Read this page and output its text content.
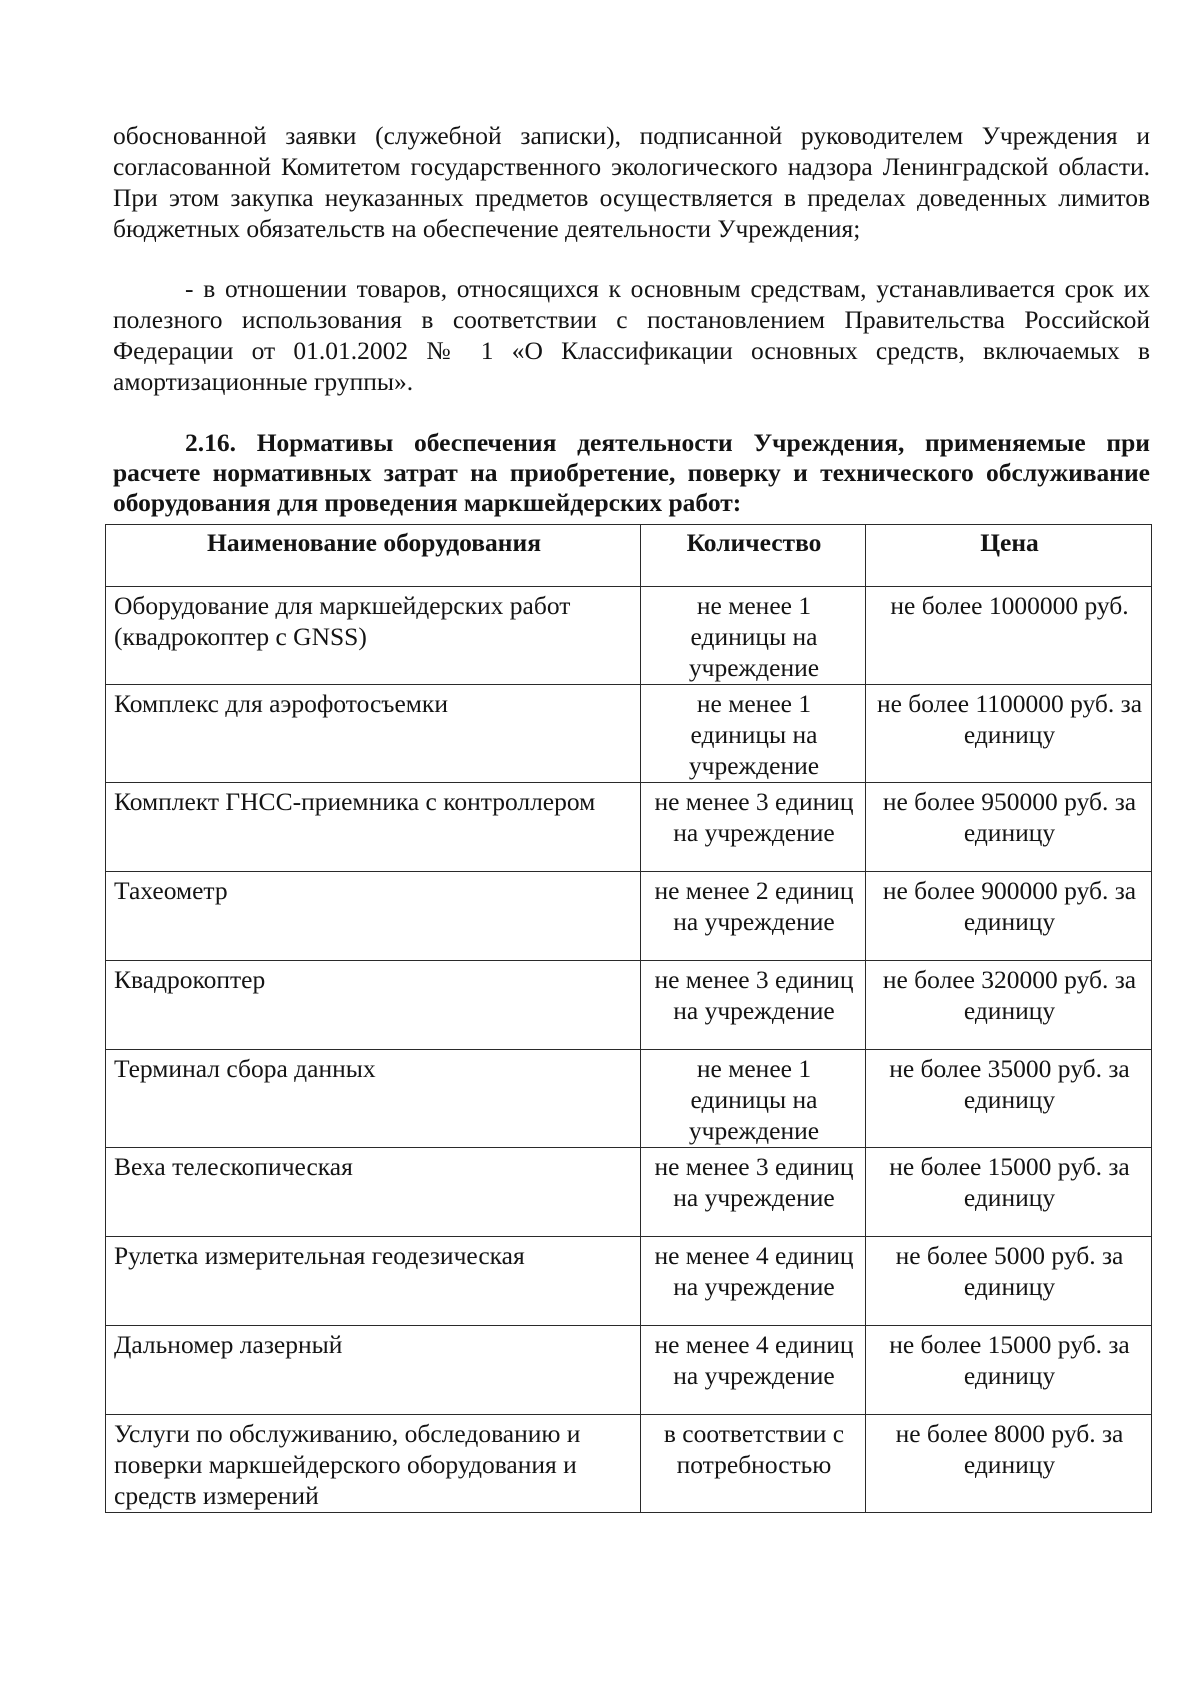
обоснованной заявки (служебной записки), подписанной руководителем Учреждения и согласованной Комитетом государственного экологического надзора Ленинградской области. При этом закупка неуказанных предметов осуществляется в пределах доведенных лимитов бюджетных обязательств на обеспечение деятельности Учреждения;

- в отношении товаров, относящихся к основным средствам, устанавливается срок их полезного использования в соответствии с постановлением Правительства Российской Федерации от 01.01.2002 № 1 «О Классификации основных средств, включаемых в амортизационные группы».

2.16. Нормативы обеспечения деятельности Учреждения, применяемые при расчете нормативных затрат на приобретение, поверку и технического обслуживание оборудования для проведения маркшейдерских работ:

Наименование оборудования	Количество	Цена
Оборудование для маркшейдерских работ (квадрокоптер с GNSS)	не менее 1 единицы на учреждение	не более 1000000 руб.
Комплекс для аэрофотосъемки	не менее 1 единицы на учреждение	не более 1100000 руб. за единицу
Комплект ГНСС-приемника с контроллером	не менее 3 единиц на учреждение	не более 950000 руб. за единицу
Тахеометр	не менее 2 единиц на учреждение	не более 900000 руб. за единицу
Квадрокоптер	не менее 3 единиц на учреждение	не более 320000 руб. за единицу
Терминал сбора данных	не менее 1 единицы на учреждение	не более 35000 руб. за единицу
Веха телескопическая	не менее 3 единиц на учреждение	не более 15000 руб. за единицу
Рулетка измерительная геодезическая	не менее 4 единиц на учреждение	не более 5000 руб. за единицу
Дальномер лазерный	не менее 4 единиц на учреждение	не более 15000 руб. за единицу
Услуги по обслуживанию, обследованию и поверки маркшейдерского оборудования и средств измерений	в соответствии с потребностью	не более 8000 руб. за единицу
